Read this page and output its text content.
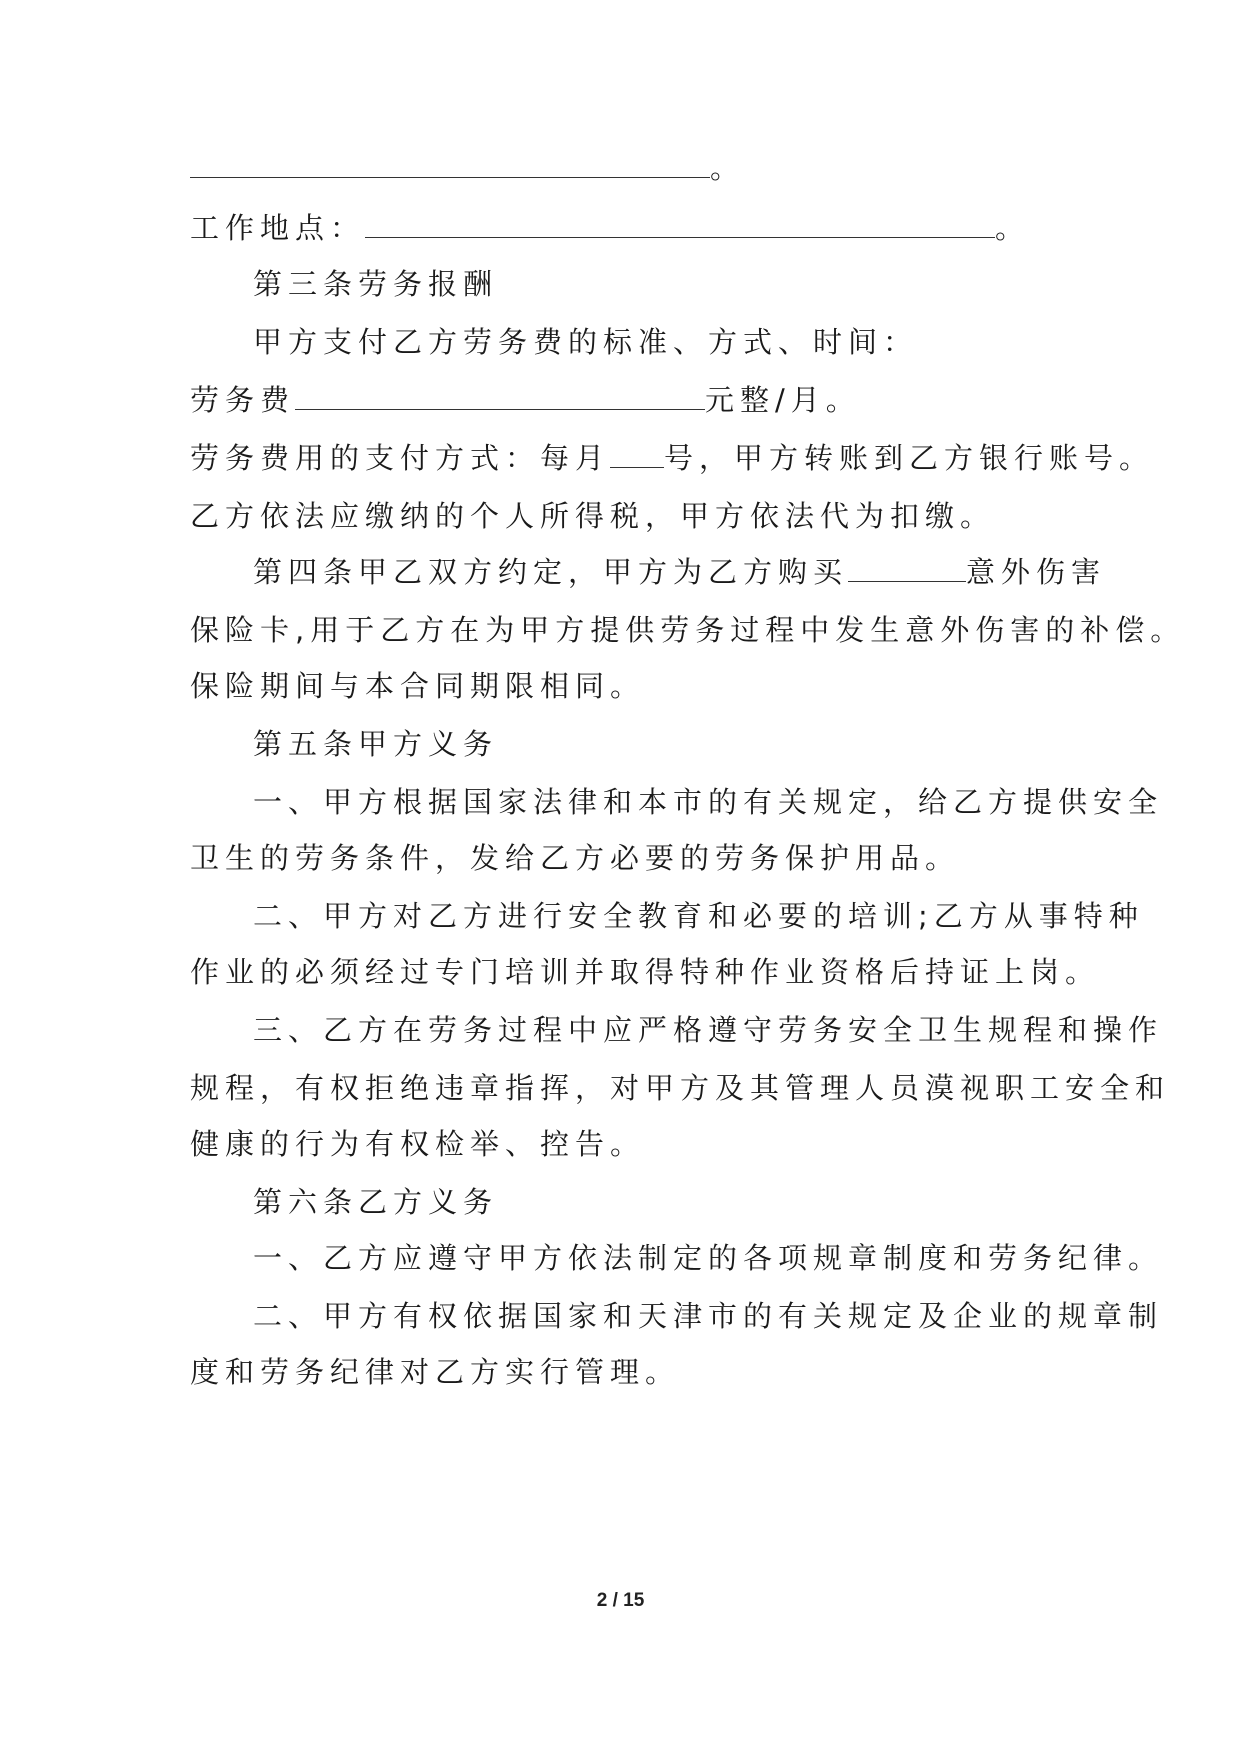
。
工作地点：	。
第三条劳务报酬
甲方支付乙方劳务费的标准、方式、时间：
劳务费	元整/月。
劳务费用的支付方式：每月 号，甲方转账到乙方银行账号。
乙方依法应缴纳的个人所得税，甲方依法代为扣缴。
第四条甲乙双方约定，甲方为乙方购买	意外伤害
保险卡,用于乙方在为甲方提供劳务过程中发生意外伤害的补偿。
保险期间与本合同期限相同。
第五条甲方义务
一、甲方根据国家法律和本市的有关规定，给乙方提供安全
卫生的劳务条件，发给乙方必要的劳务保护用品。
二、甲方对乙方进行安全教育和必要的培训;乙方从事特种
作业的必须经过专门培训并取得特种作业资格后持证上岗。
三、乙方在劳务过程中应严格遵守劳务安全卫生规程和操作
规程，有权拒绝违章指挥，对甲方及其管理人员漠视职工安全和
健康的行为有权检举、控告。
第六条乙方义务
一、乙方应遵守甲方依法制定的各项规章制度和劳务纪律。
二、甲方有权依据国家和天津市的有关规定及企业的规章制
度和劳务纪律对乙方实行管理。
2 / 15
